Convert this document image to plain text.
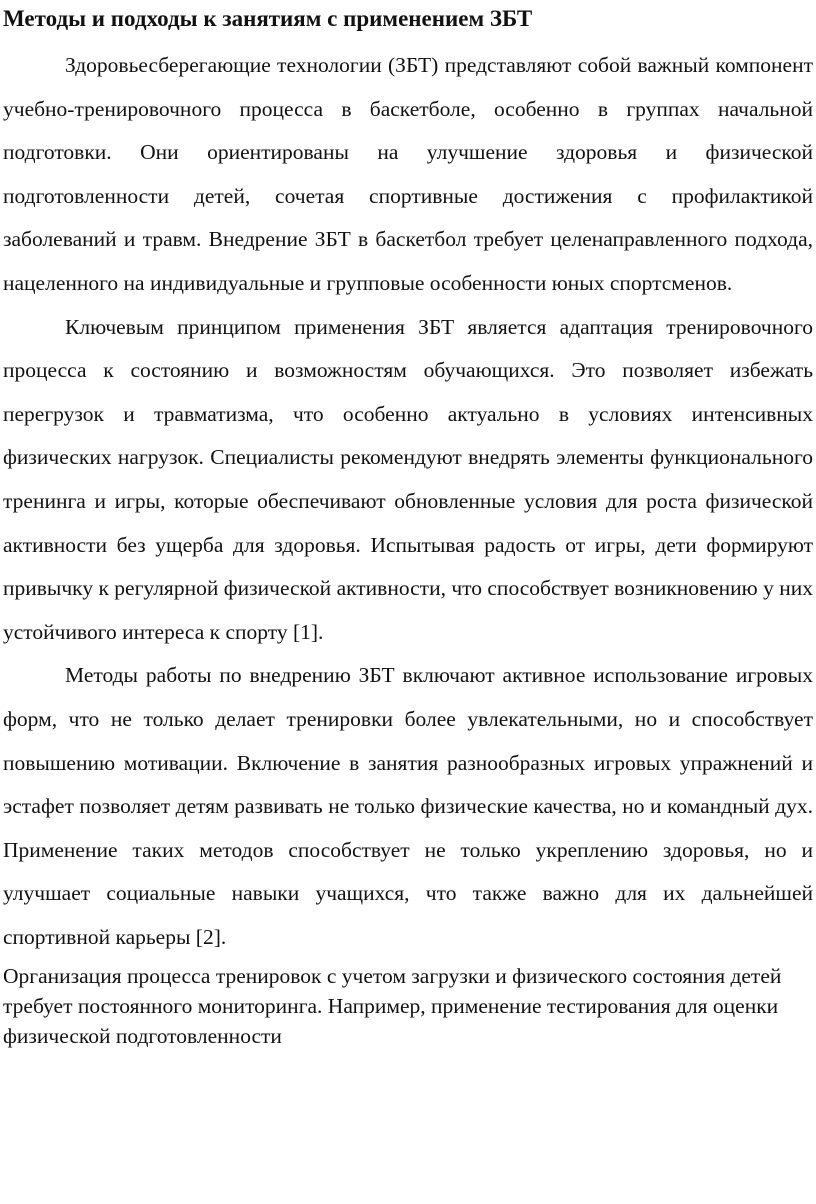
Методы и подходы к занятиям с применением ЗБТ

Здоровьесберегающие технологии (ЗБТ) представляют собой важный компонент учебно-тренировочного процесса в баскетболе, особенно в группах начальной подготовки. Они ориентированы на улучшение здоровья и физической подготовленности детей, сочетая спортивные достижения с профилактикой заболеваний и травм. Внедрение ЗБТ в баскетбол требует целенаправленного подхода, нацеленного на индивидуальные и групповые особенности юных спортсменов.

Ключевым принципом применения ЗБТ является адаптация тренировочного процесса к состоянию и возможностям обучающихся. Это позволяет избежать перегрузок и травматизма, что особенно актуально в условиях интенсивных физических нагрузок. Специалисты рекомендуют внедрять элементы функционального тренинга и игры, которые обеспечивают обновленные условия для роста физической активности без ущерба для здоровья. Испытывая радость от игры, дети формируют привычку к регулярной физической активности, что способствует возникновению у них устойчивого интереса к спорту [1].

Методы работы по внедрению ЗБТ включают активное использование игровых форм, что не только делает тренировки более увлекательными, но и способствует повышению мотивации. Включение в занятия разнообразных игровых упражнений и эстафет позволяет детям развивать не только физические качества, но и командный дух. Применение таких методов способствует не только укреплению здоровья, но и улучшает социальные навыки учащихся, что также важно для их дальнейшей спортивной карьеры [2].

Организация процесса тренировок с учетом загрузки и физического состояния детей требует постоянного мониторинга. Например, применение тестирования для оценки физической подготовленности
